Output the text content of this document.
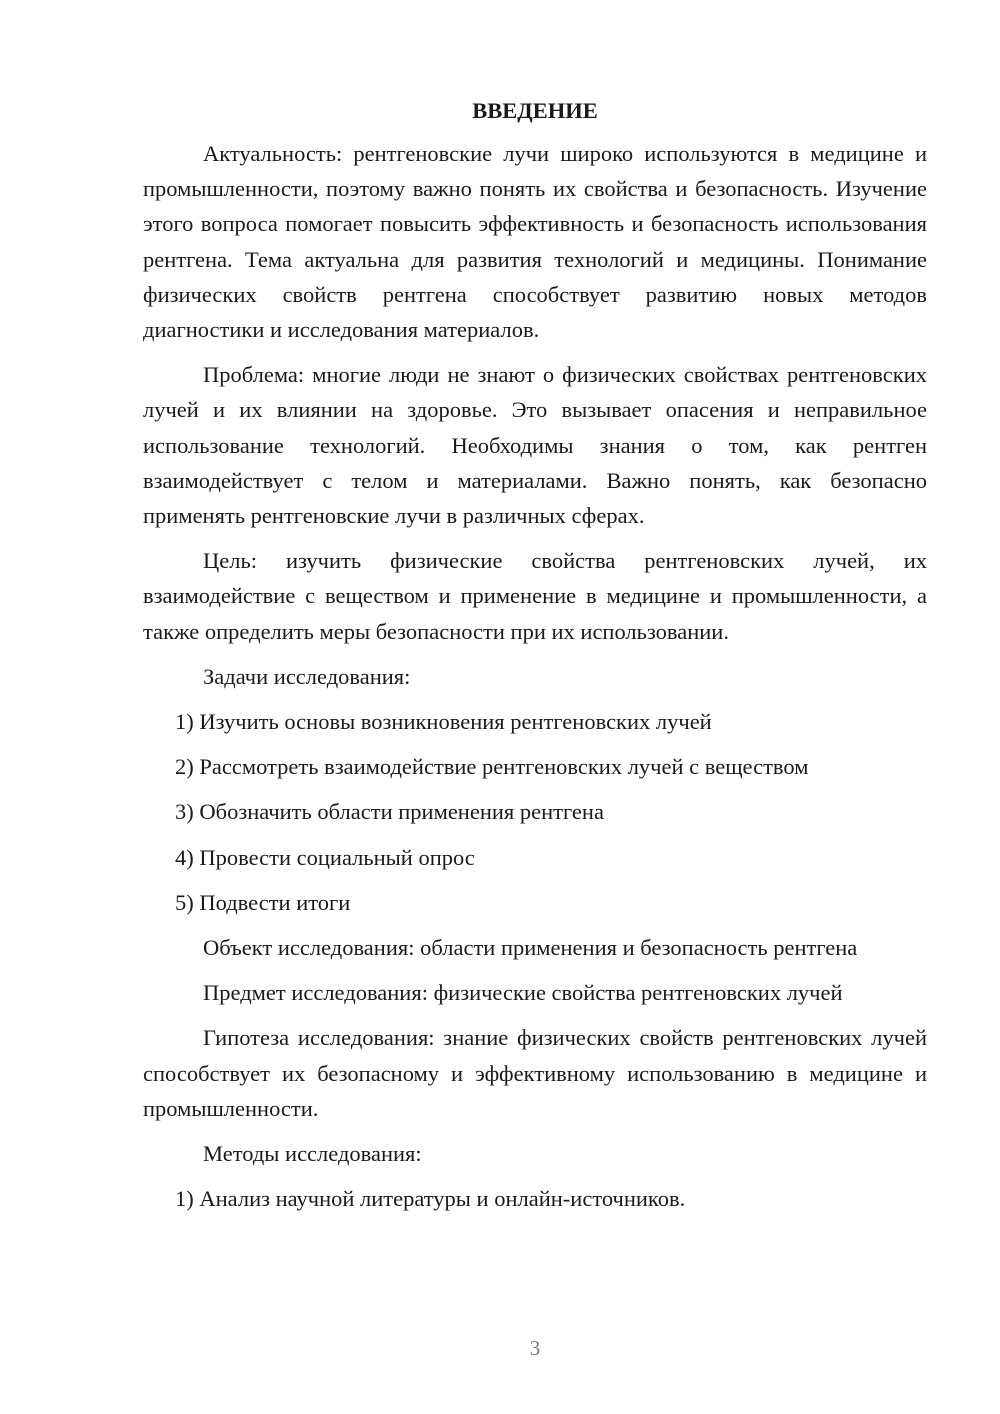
ВВЕДЕНИЕ

Актуальность: рентгеновские лучи широко используются в медицине и промышленности, поэтому важно понять их свойства и безопасность. Изучение этого вопроса помогает повысить эффективность и безопасность использования рентгена. Тема актуальна для развития технологий и медицины. Понимание физических свойств рентгена способствует развитию новых методов диагностики и исследования материалов.

Проблема: многие люди не знают о физических свойствах рентгеновских лучей и их влиянии на здоровье. Это вызывает опасения и неправильное использование технологий. Необходимы знания о том, как рентген взаимодействует с телом и материалами. Важно понять, как безопасно применять рентгеновские лучи в различных сферах.

Цель: изучить физические свойства рентгеновских лучей, их взаимодействие с веществом и применение в медицине и промышленности, а также определить меры безопасности при их использовании.

Задачи исследования:

1) Изучить основы возникновения рентгеновских лучей
2) Рассмотреть взаимодействие рентгеновских лучей с веществом
3) Обозначить области применения рентгена
4) Провести социальный опрос
5) Подвести итоги

Объект исследования: области применения и безопасность рентгена

Предмет исследования: физические свойства рентгеновских лучей

Гипотеза исследования: знание физических свойств рентгеновских лучей способствует их безопасному и эффективному использованию в медицине и промышленности.

Методы исследования:

1) Анализ научной литературы и онлайн-источников.
3
